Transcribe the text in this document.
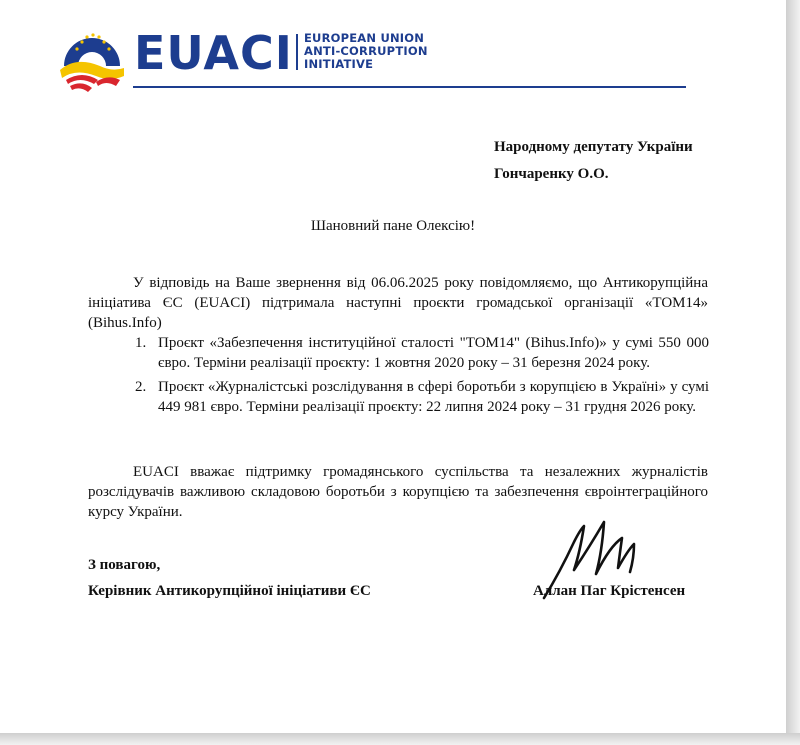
EUACI EUROPEAN UNION
ANTI-CORRUPTION
INITIATIVE
Народному депутату України
Гончаренку О.О.
Шановний пане Олексію!
У відповідь на Ваше звернення від 06.06.2025 року повідомляємо, що Антикорупційна ініціатива ЄС (EUACI) підтримала наступні проєкти громадської організації «TOM14» (Bihus.Info)
1. Проєкт «Забезпечення інституційної сталості "TOM14" (Bihus.Info)» у сумі 550 000 євро. Терміни реалізації проєкту: 1 жовтня 2020 року – 31 березня 2024 року.
2. Проєкт «Журналістські розслідування в сфері боротьби з корупцією в Україні» у сумі 449 981 євро. Терміни реалізації проєкту: 22 липня 2024 року – 31 грудня 2026 року.
EUACI вважає підтримку громадянського суспільства та незалежних журналістів розслідувачів важливою складовою боротьби з корупцією та забезпечення євроінтеграційного курсу України.
З повагою,
Керівник Антикорупційної ініціативи ЄС	Аллан Паг Крістенсен
